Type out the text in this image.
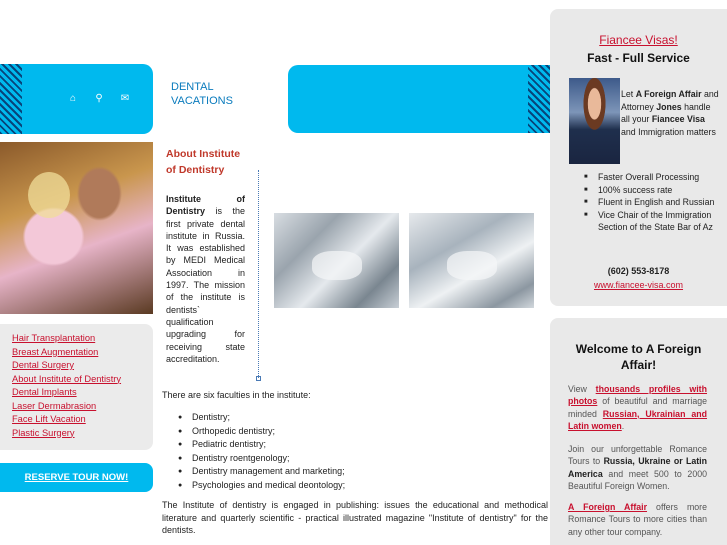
⌂	⚲	✉
DENTAL
VACATIONS
Hair Transplantation
Breast Augmentation
Dental Surgery
About Institute of Dentistry
Dental Implants
Laser Dermabrasion
Face Lift Vacation
Plastic Surgery
RESERVE TOUR NOW!
About Institute of Dentistry
Institute of Dentistry is the first private dental institute in Russia. It was established by MEDI Medical Association in 1997. The mission of the institute is dentists` qualification upgrading for receiving state accreditation.
There are six faculties in the institute:
● Dentistry;
● Orthopedic dentistry;
● Pediatric dentistry;
● Dentistry roentgenology;
● Dentistry management and marketing;
● Psychologies and medical deontology;
The Institute of dentistry is engaged in publishing: issues the educational and methodical literature and quarterly scientific - practical illustrated magazine "Institute of dentistry" for the dentists.
Fiancee Visas!
Fast - Full Service
Let A Foreign Affair and Attorney Jones handle all your Fiancee Visa and Immigration matters
■ Faster Overall Processing
■ 100% success rate
■ Fluent in English and Russian
■ Vice Chair of the Immigration Section of the State Bar of Az
(602) 553-8178
www.fiancee-visa.com
Welcome to A Foreign Affair!

View thousands profiles with photos of beautiful and marriage minded Russian, Ukrainian and Latin women.

Join our unforgettable Romance Tours to Russia, Ukraine or Latin America and meet 500 to 2000 Beautiful Foreign Women.

A Foreign Affair offers more Romance Tours to more cities than any other tour company.
